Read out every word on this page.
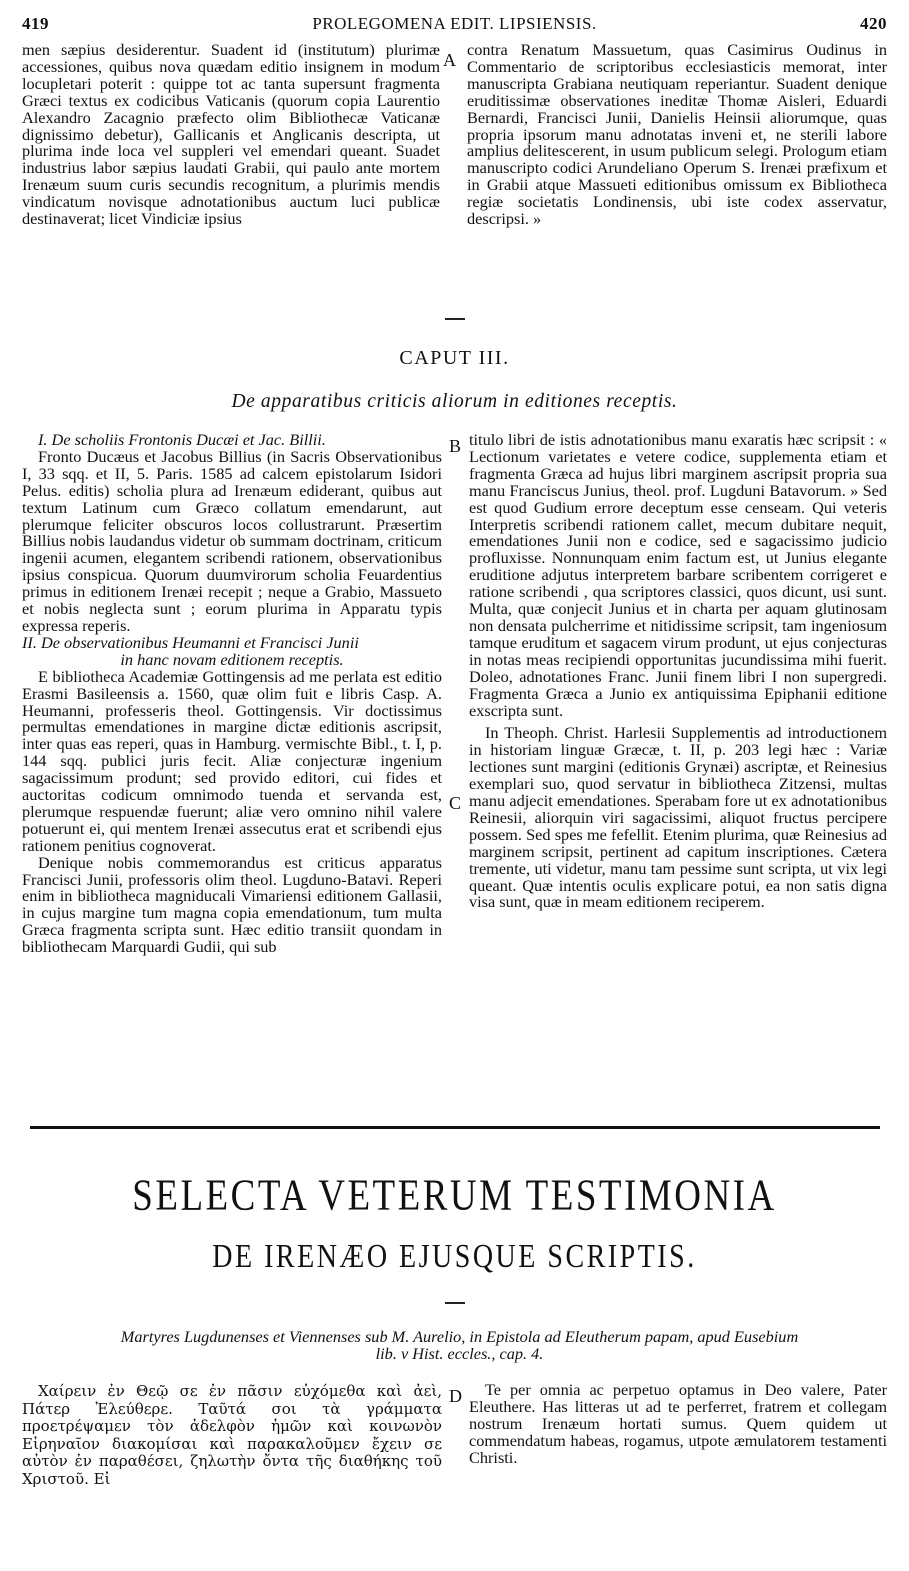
419	PROLEGOMENA EDIT. LIPSIENSIS.	420

men sæpius desiderentur. Suadent id (institutum) plurimæ accessiones, quibus nova quædam editio insignem in modum locupletari poterit : quippe tot ac tanta supersunt fragmenta Græci textus ex codicibus Vaticanis (quorum copia Laurentio Alexandro Zacagnio præfecto olim Bibliothecæ Vaticanæ dignissimo debetur), Gallicanis et Anglicanis descripta, ut plurima inde loca vel suppleri vel emendari queant. Suadet industrius labor sæpius laudati Grabii, qui paulo ante mortem Irenæum suum curis secundis recognitum, a plurimis mendis vindicatum novisque adnotationibus auctum luci publicæ destinaverat; licet Vindiciæ ipsius

A

contra Renatum Massuetum, quas Casimirus Oudinus in Commentario de scriptoribus ecclesiasticis memorat, inter manuscripta Grabiana neutiquam reperiantur. Suadent denique eruditissimæ observationes ineditæ Thomæ Aisleri, Eduardi Bernardi, Francisci Junii, Danielis Heinsii aliorumque, quas propria ipsorum manu adnotatas inveni et, ne sterili labore amplius delitescerent, in usum publicum selegi. Prologum etiam manuscripto codici Arundeliano Operum S. Irenæi præfixum et in Grabii atque Massueti editionibus omissum ex Bibliotheca regiæ societatis Londinensis, ubi iste codex asservatur, descripsi. »

CAPUT III.
De apparatibus criticis aliorum in editiones receptis.

I. De scholiis Frontonis Ducæi et Jac. Billii.

Fronto Ducæus et Jacobus Billius (in Sacris Observationibus I, 33 sqq. et II, 5. Paris. 1585 ad calcem epistolarum Isidori Pelus. editis) scholia plura ad Irenæum ediderant, quibus aut textum Latinum cum Græco collatum emendarunt, aut plerumque feliciter obscuros locos collustrarunt. Præsertim Billius nobis laudandus videtur ob summam doctrinam, criticum ingenii acumen, elegantem scribendi rationem, observationibus ipsius conspicua. Quorum duumvirorum scholia Feuardentius primus in editionem Irenæi recepit ; neque a Grabio, Massueto et nobis neglecta sunt ; eorum plurima in Apparatu typis expressa reperis.

II. De observationibus Heumanni et Francisci Junii

in hanc novam editionem receptis.

E bibliotheca Academiæ Gottingensis ad me perlata est editio Erasmi Basileensis a. 1560, quæ olim fuit e libris Casp. A. Heumanni, professeris theol. Gottingensis. Vir doctissimus permultas emendationes in margine dictæ editionis ascripsit, inter quas eas reperi, quas in Hamburg. vermischte Bibl., t. I, p. 144 sqq. publici juris fecit. Aliæ conjecturæ ingenium sagacissimum produnt; sed provido editori, cui fides et auctoritas codicum omnimodo tuenda et servanda est, plerumque respuendæ fuerunt; aliæ vero omnino nihil valere potuerunt ei, qui mentem Irenæi assecutus erat et scribendi ejus rationem penitius cognoverat.

Denique nobis commemorandus est criticus apparatus Francisci Junii, professoris olim theol. Lugduno-Batavi. Reperi enim in bibliotheca magniducali Vimariensi editionem Gallasii, in cujus margine tum magna copia emendationum, tum multa Græca fragmenta scripta sunt. Hæc editio transiit quondam in bibliothecam Marquardi Gudii, qui sub

B
C

titulo libri de istis adnotationibus manu exaratis hæc scripsit : « Lectionum varietates e vetere codice, supplementa etiam et fragmenta Græca ad hujus libri marginem ascripsit propria sua manu Franciscus Junius, theol. prof. Lugduni Batavorum. » Sed est quod Gudium errore deceptum esse censeam. Qui veteris Interpretis scribendi rationem callet, mecum dubitare nequit, emendationes Junii non e codice, sed e sagacissimo judicio profluxisse. Nonnunquam enim factum est, ut Junius elegante eruditione adjutus interpretem barbare scribentem corrigeret e ratione scribendi , qua scriptores classici, quos dicunt, usi sunt. Multa, quæ conjecit Junius et in charta per aquam glutinosam non densata pulcherrime et nitidissime scripsit, tam ingeniosum tamque eruditum et sagacem virum produnt, ut ejus conjecturas in notas meas recipiendi opportunitas jucundissima mihi fuerit. Doleo, adnotationes Franc. Junii finem libri I non supergredi. Fragmenta Græca a Junio ex antiquissima Epiphanii editione exscripta sunt.

In Theoph. Christ. Harlesii Supplementis ad introductionem in historiam linguæ Græcæ, t. II, p. 203 legi hæc : Variæ lectiones sunt margini (editionis Grynæi) ascriptæ, et Reinesius exemplari suo, quod servatur in bibliotheca Zitzensi, multas manu adjecit emendationes. Sperabam fore ut ex adnotationibus Reinesii, aliorquin viri sagacissimi, aliquot fructus percipere possem. Sed spes me fefellit. Etenim plurima, quæ Reinesius ad marginem scripsit, pertinent ad capitum inscriptiones. Cætera tremente, uti videtur, manu tam pessime sunt scripta, ut vix legi queant. Quæ intentis oculis explicare potui, ea non satis digna visa sunt, quæ in meam editionem reciperem.

SELECTA VETERUM TESTIMONIA
DE IRENÆO EJUSQUE SCRIPTIS.
Martyres Lugdunenses et Viennenses sub M. Aurelio, in Epistola ad Eleutherum papam, apud Eusebium
lib. v Hist. eccles., cap. 4.

Χαίρειν ἐν Θεῷ σε ἐν πᾶσιν εὐχόμεθα καὶ ἀεὶ, Πάτερ Ἐλεύθερε. Ταῦτά σοι τὰ γράμματα προετρέψαμεν τὸν ἀδελφὸν ἡμῶν καὶ κοινωνὸν Εἰρηναῖον διακομίσαι καὶ παρακαλοῦμεν ἔχειν σε αὐτὸν ἐν παραθέσει, ζηλωτὴν ὄντα τῆς διαθήκης τοῦ Χριστοῦ. Εἰ

D	Te per omnia ac perpetuo optamus in Deo valere, Pater Eleuthere. Has litteras ut ad te perferret, fratrem et collegam nostrum Irenæum hortati sumus. Quem quidem ut commendatum habeas, rogamus, utpote æmulatorem testamenti Christi.
